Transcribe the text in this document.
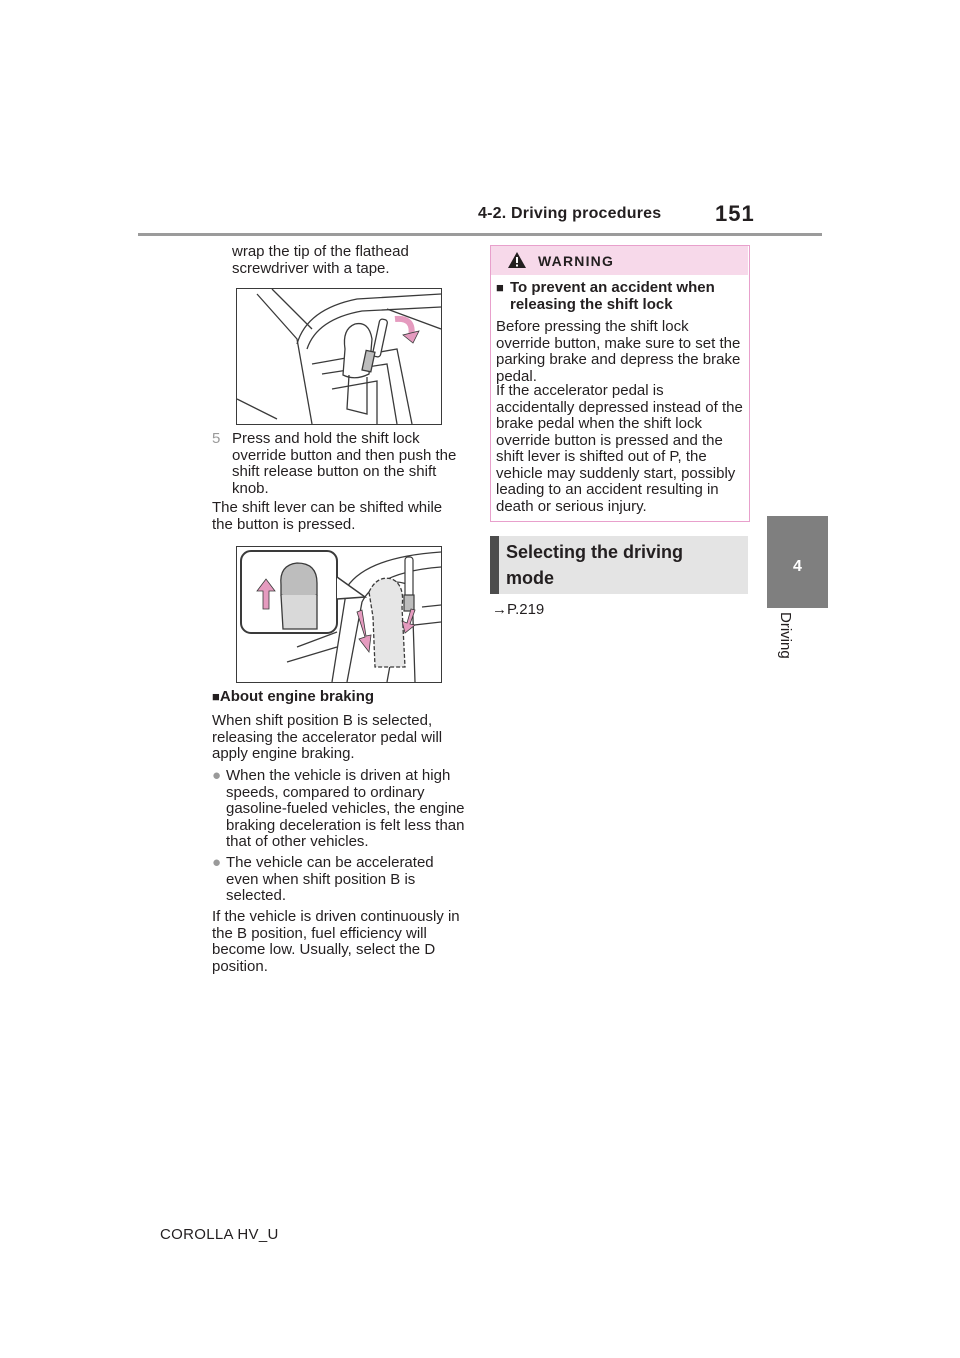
4-2. Driving procedures 151
4
Driving
wrap the tip of the flathead screwdriver with a tape.
5 Press and hold the shift lock override button and then push the shift release button on the shift knob.
The shift lever can be shifted while the button is pressed.
■About engine braking
When shift position B is selected, releasing the accelerator pedal will apply engine braking.
● When the vehicle is driven at high speeds, compared to ordinary gasoline-fueled vehicles, the engine braking deceleration is felt less than that of other vehicles.
● The vehicle can be accelerated even when shift position B is selected.
If the vehicle is driven continuously in the B position, fuel efficiency will become low. Usually, select the D position.
WARNING
■ To prevent an accident when releasing the shift lock
Before pressing the shift lock override button, make sure to set the parking brake and depress the brake pedal.
If the accelerator pedal is accidentally depressed instead of the brake pedal when the shift lock override button is pressed and the shift lever is shifted out of P, the vehicle may suddenly start, possibly leading to an accident resulting in death or serious injury.
Selecting the driving mode
→P.219
COROLLA HV_U
